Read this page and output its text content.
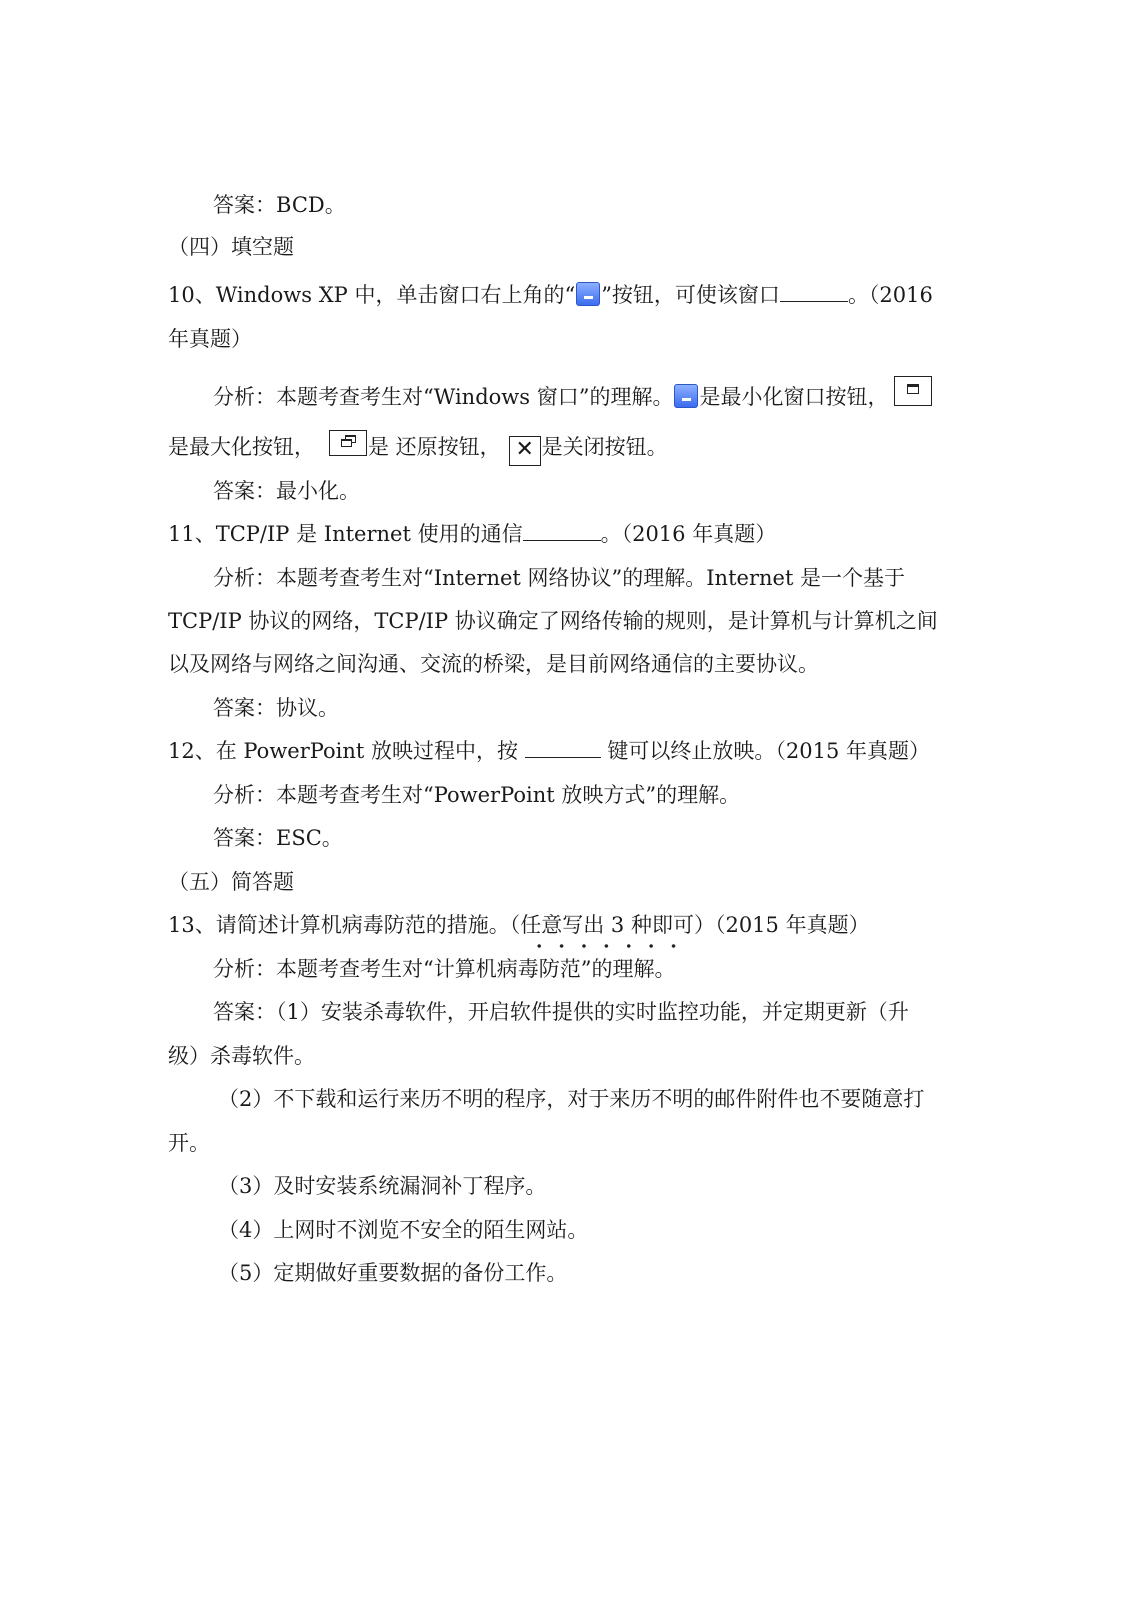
答案：BCD。
（四）填空题
10、Windows XP 中，单击窗口右上角的“ ”按钮，可使该窗口	。（2016
年真题）
分析：本题考查考生对“Windows 窗口”的理解。 是最小化窗口按钮，
是最大化按钮，	是 还原按钮， ✕ 是关闭按钮。
答案：最小化。
11、TCP/IP 是 Internet 使用的通信	。（2016 年真题）
分析：本题考查考生对“Internet 网络协议”的理解。Internet 是一个基于
TCP/IP 协议的网络，TCP/IP 协议确定了网络传输的规则，是计算机与计算机之间
以及网络与网络之间沟通、交流的桥梁，是目前网络通信的主要协议。
答案：协议。
12、在 PowerPoint 放映过程中，按	键可以终止放映。（2015 年真题）
分析：本题考查考生对“PowerPoint 放映方式”的理解。
答案：ESC。
（五）简答题
13、请简述计算机病毒防范的措施。（任意写出 3 种即可）（2015 年真题）
分析：本题考查考生对“计算机病毒防范”的理解。
答案：（1）安装杀毒软件，开启软件提供的实时监控功能，并定期更新（升
级）杀毒软件。
（2）不下载和运行来历不明的程序，对于来历不明的邮件附件也不要随意打
开。
（3）及时安装系统漏洞补丁程序。
（4）上网时不浏览不安全的陌生网站。
（5）定期做好重要数据的备份工作。
